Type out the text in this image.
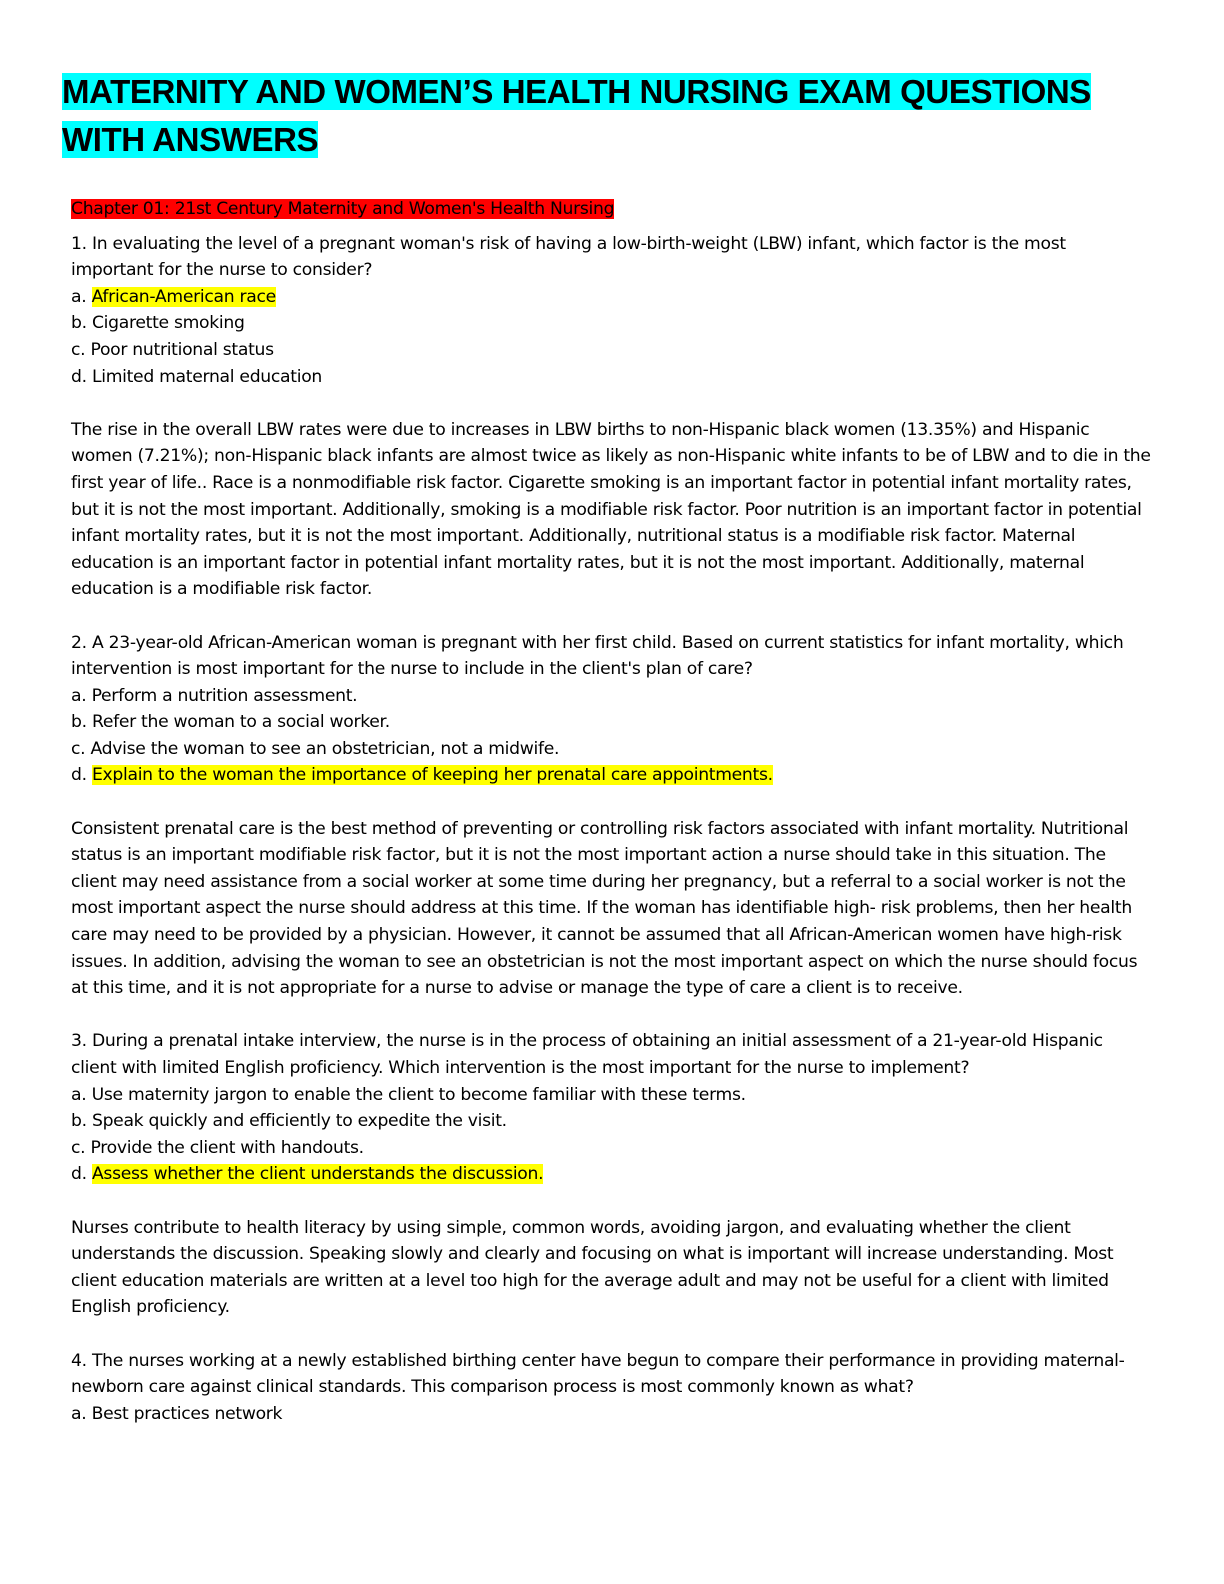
MATERNITY AND WOMEN’S HEALTH NURSING EXAM QUESTIONS WITH ANSWERS

Chapter 01: 21st Century Maternity and Women's Health Nursing

1. In evaluating the level of a pregnant woman's risk of having a low-birth-weight (LBW) infant, which factor is the most important for the nurse to consider?

a. African-American race

b. Cigarette smoking

c. Poor nutritional status

d. Limited maternal education

The rise in the overall LBW rates were due to increases in LBW births to non-Hispanic black women (13.35%) and Hispanic women (7.21%); non-Hispanic black infants are almost twice as likely as non-Hispanic white infants to be of LBW and to die in the first year of life.. Race is a nonmodifiable risk factor. Cigarette smoking is an important factor in potential infant mortality rates, but it is not the most important. Additionally, smoking is a modifiable risk factor. Poor nutrition is an important factor in potential infant mortality rates, but it is not the most important. Additionally, nutritional status is a modifiable risk factor. Maternal education is an important factor in potential infant mortality rates, but it is not the most important. Additionally, maternal education is a modifiable risk factor.

2. A 23-year-old African-American woman is pregnant with her first child. Based on current statistics for infant mortality, which intervention is most important for the nurse to include in the client's plan of care?

a. Perform a nutrition assessment.

b. Refer the woman to a social worker.

c. Advise the woman to see an obstetrician, not a midwife.

d. Explain to the woman the importance of keeping her prenatal care appointments.

Consistent prenatal care is the best method of preventing or controlling risk factors associated with infant mortality. Nutritional status is an important modifiable risk factor, but it is not the most important action a nurse should take in this situation. The client may need assistance from a social worker at some time during her pregnancy, but a referral to a social worker is not the most important aspect the nurse should address at this time. If the woman has identifiable high- risk problems, then her health care may need to be provided by a physician. However, it cannot be assumed that all African-American women have high-risk issues. In addition, advising the woman to see an obstetrician is not the most important aspect on which the nurse should focus at this time, and it is not appropriate for a nurse to advise or manage the type of care a client is to receive.

3. During a prenatal intake interview, the nurse is in the process of obtaining an initial assessment of a 21-year-old Hispanic client with limited English proficiency. Which intervention is the most important for the nurse to implement?

a. Use maternity jargon to enable the client to become familiar with these terms.

b. Speak quickly and efficiently to expedite the visit.

c. Provide the client with handouts.

d. Assess whether the client understands the discussion.

Nurses contribute to health literacy by using simple, common words, avoiding jargon, and evaluating whether the client understands the discussion. Speaking slowly and clearly and focusing on what is important will increase understanding. Most client education materials are written at a level too high for the average adult and may not be useful for a client with limited English proficiency.

4. The nurses working at a newly established birthing center have begun to compare their performance in providing maternal-newborn care against clinical standards. This comparison process is most commonly known as what?

a. Best practices network
